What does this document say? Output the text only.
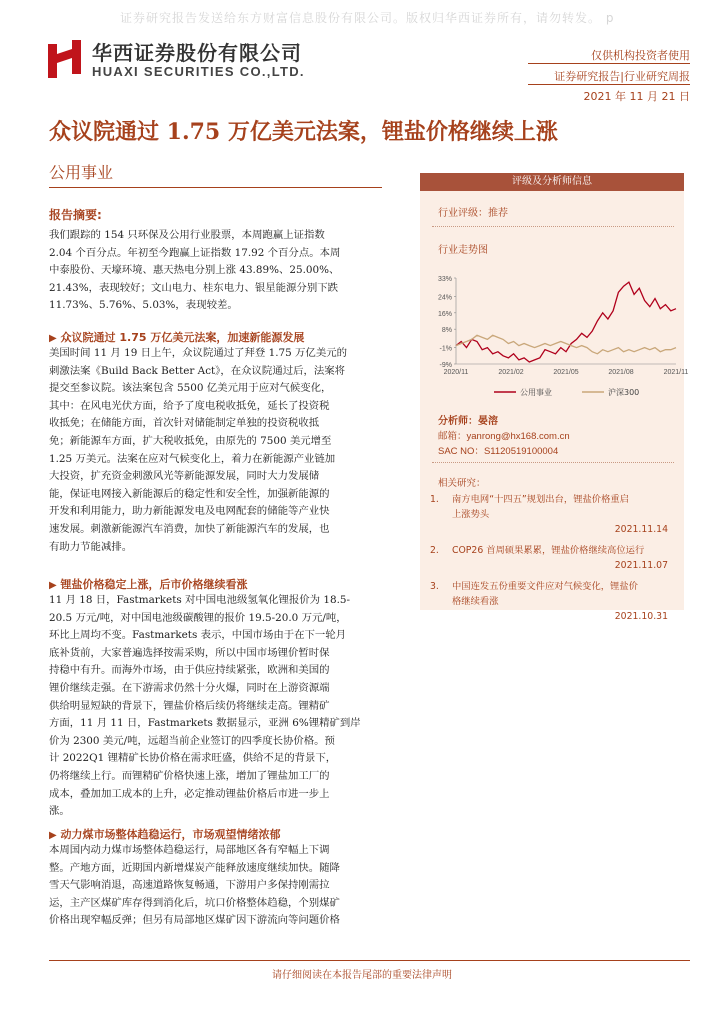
证券研究报告发送给东方财富信息股份有限公司。版权归华西证券所有，请勿转发。 p
华西证券股份有限公司
HUAXI SECURITIES CO.,LTD.
仅供机构投资者使用
证券研究报告|行业研究周报
2021 年 11 月 21 日
众议院通过 1.75 万亿美元法案，锂盐价格继续上涨
公用事业
报告摘要:

我们跟踪的 154 只环保及公用行业股票，本周跑赢上证指数
2.04 个百分点。年初至今跑赢上证指数 17.92 个百分点。本周
中泰股份、天壕环境、惠天热电分别上涨 43.89%、25.00%、
21.43%，表现较好；文山电力、桂东电力、银星能源分别下跌
11.73%、5.76%、5.03%，表现较差。

▶ 众议院通过 1.75 万亿美元法案，加速新能源发展

美国时间 11 月 19 日上午，众议院通过了拜登 1.75 万亿美元的
刺激法案《Build Back Better Act》，在众议院通过后，法案将
提交至参议院。该法案包含 5500 亿美元用于应对气候变化，
其中：在风电光伏方面，给予了度电税收抵免，延长了投资税
收抵免；在储能方面，首次针对储能制定单独的投资税收抵
免；新能源车方面，扩大税收抵免，由原先的 7500 美元增至
1.25 万美元。法案在应对气候变化上，着力在新能源产业链加
大投资，扩充资金刺激风光等新能源发展，同时大力发展储
能，保证电网接入新能源后的稳定性和安全性，加强新能源的
开发和利用能力，助力新能源发电及电网配套的储能等产业快
速发展。刺激新能源汽车消费，加快了新能源汽车的发展，也
有助力节能减排。

▶ 锂盐价格稳定上涨，后市价格继续看涨

11 月 18 日，Fastmarkets 对中国电池级氢氧化锂报价为 18.5-
20.5 万元/吨，对中国电池级碳酸锂的报价 19.5-20.0 万元/吨，
环比上周均不变。Fastmarkets 表示，中国市场由于在下一轮月
底补货前，大家普遍选择按需采购，所以中国市场锂价暂时保
持稳中有升。而海外市场，由于供应持续紧张，欧洲和美国的
锂价继续走强。在下游需求仍然十分火爆，同时在上游资源端
供给明显短缺的背景下，锂盐价格后续仍将继续走高。锂精矿
方面，11 月 11 日，Fastmarkets 数据显示，亚洲 6%锂精矿到岸
价为 2300 美元/吨，远超当前企业签订的四季度长协价格。预
计 2022Q1 锂精矿长协价格在需求旺盛，供给不足的背景下，
仍将继续上行。而锂精矿价格快速上涨，增加了锂盐加工厂的
成本，叠加加工成本的上升，必定推动锂盐价格后市进一步上
涨。

▶ 动力煤市场整体趋稳运行，市场观望情绪浓郁

本周国内动力煤市场整体趋稳运行，局部地区各有窄幅上下调
整。产地方面，近期国内新增煤炭产能释放速度继续加快。随降
雪天气影响消退，高速道路恢复畅通，下游用户多保持刚需拉
运，主产区煤矿库存得到消化后，坑口价格整体趋稳，个别煤矿
价格出现窄幅反弹；但另有局部地区煤矿因下游流向等问题价格

评级及分析师信息
行业评级：推荐
行业走势图
33%
24%
16%
8%
-1%
-9%
2020/11	2021/02	2021/05	2021/08	2021/11
公用事业	沪深300
分析师：晏溶
邮箱：yanrong@hx168.com.cn
SAC NO：S1120519100004
相关研究：
1. 南方电网“十四五”规划出台，锂盐价格重启
上涨势头
2021.11.14
2. COP26 首周硕果累累，锂盐价格继续高位运行
2021.11.07
3. 中国连发五份重要文件应对气候变化，锂盐价
格继续看涨
2021.10.31
请仔细阅读在本报告尾部的重要法律声明
